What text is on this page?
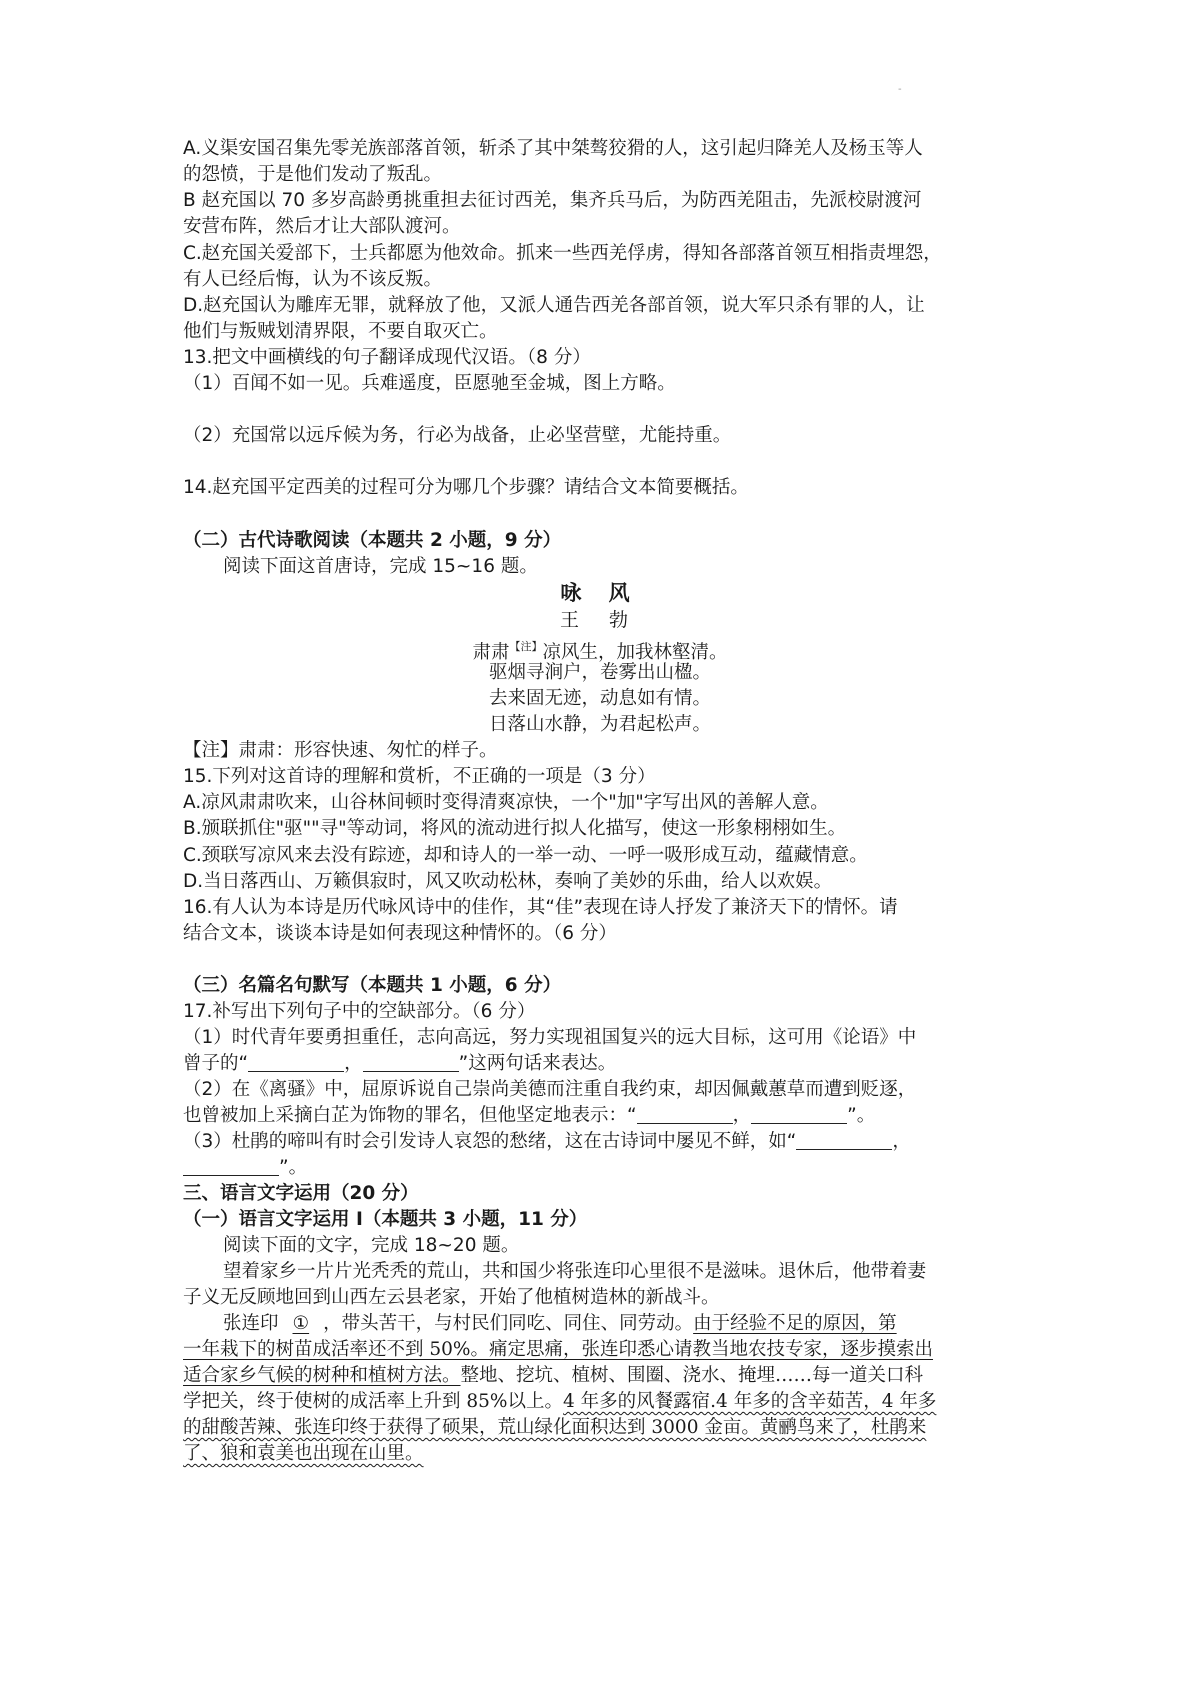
-
A.义渠安国召集先零羌族部落首领，斩杀了其中桀骜狡猾的人，这引起归降羌人及杨玉等人
的怨愤，于是他们发动了叛乱。
B 赵充国以 70 多岁高龄勇挑重担去征讨西羌，集齐兵马后，为防西羌阻击，先派校尉渡河
安营布阵，然后才让大部队渡河。
C.赵充国关爱部下，士兵都愿为他效命。抓来一些西羌俘虏，得知各部落首领互相指责埋怨，
有人已经后悔，认为不该反叛。
D.赵充国认为雕库无罪，就释放了他，又派人通告西羌各部首领，说大军只杀有罪的人，让
他们与叛贼划清界限，不要自取灭亡。
13.把文中画横线的句子翻译成现代汉语。（8 分）
（1）百闻不如一见。兵难遥度，臣愿驰至金城，图上方略。
（2）充国常以远斥候为务，行必为战备，止必坚营壁，尤能持重。
14.赵充国平定西美的过程可分为哪几个步骤？请结合文本简要概括。
（二）古代诗歌阅读（本题共 2 小题，9 分）
阅读下面这首唐诗，完成 15~16 题。
咏 风
王 勃
肃肃$^{【注】}$凉风生，加我林壑清。
驱烟寻涧户，卷雾出山楹。
去来固无迹，动息如有情。
日落山水静，为君起松声。
【注】肃肃：形容快速、匆忙的样子。
15.下列对这首诗的理解和赏析，不正确的一项是（3 分）
A.凉风肃肃吹来，山谷林间顿时变得清爽凉快，一个"加"字写出风的善解人意。
B.颁联抓住"驱""寻"等动词，将风的流动进行拟人化描写，使这一形象栩栩如生。
C.颈联写凉风来去没有踪迹，却和诗人的一举一动、一呼一吸形成互动，蕴藏情意。
D.当日落西山、万籁俱寂时，风又吹动松林，奏响了美妙的乐曲，给人以欢娱。
16.有人认为本诗是历代咏风诗中的佳作，其“佳”表现在诗人抒发了兼济天下的情怀。请
结合文本，谈谈本诗是如何表现这种情怀的。（6 分）
（三）名篇名句默写（本题共 1 小题，6 分）
17.补写出下列句子中的空缺部分。（6 分）
（1）时代青年要勇担重任，志向高远，努力实现祖国复兴的远大目标，这可用《论语》中
曾子的“	，	”这两句话来表达。
（2）在《离骚》中，屈原诉说自己崇尚美德而注重自我约束，却因佩戴蕙草而遭到贬逐，
也曾被加上采摘白芷为饰物的罪名，但他坚定地表示：“	，	”。
（3）杜鹃的啼叫有时会引发诗人哀怨的愁绪，这在古诗词中屡见不鲜，如“	，
”。
三、语言文字运用（20 分）
（一）语言文字运用 I（本题共 3 小题，11 分）
阅读下面的文字，完成 18~20 题。
望着家乡一片片光秃秃的荒山，共和国少将张连印心里很不是滋味。退休后，他带着妻
子义无反顾地回到山西左云县老家，开始了他植树造林的新战斗。
张连印 ① ，带头苦干，与村民们同吃、同住、同劳动。由于经验不足的原因，第
一年栽下的树苗成活率还不到 50%。痛定思痛，张连印悉心请教当地农技专家，逐步摸索出
适合家乡气候的树种和植树方法。整地、挖坑、植树、围圈、浇水、掩埋……每一道关口科
学把关，终于使树的成活率上升到 85%以上。4 年多的风餐露宿.4 年多的含辛茹苦，4 年多
的甜酸苦辣、张连印终于获得了硕果，荒山绿化面积达到 3000 金亩。黄鹂鸟来了，杜鹃来
了、狼和袁美也出现在山里。
